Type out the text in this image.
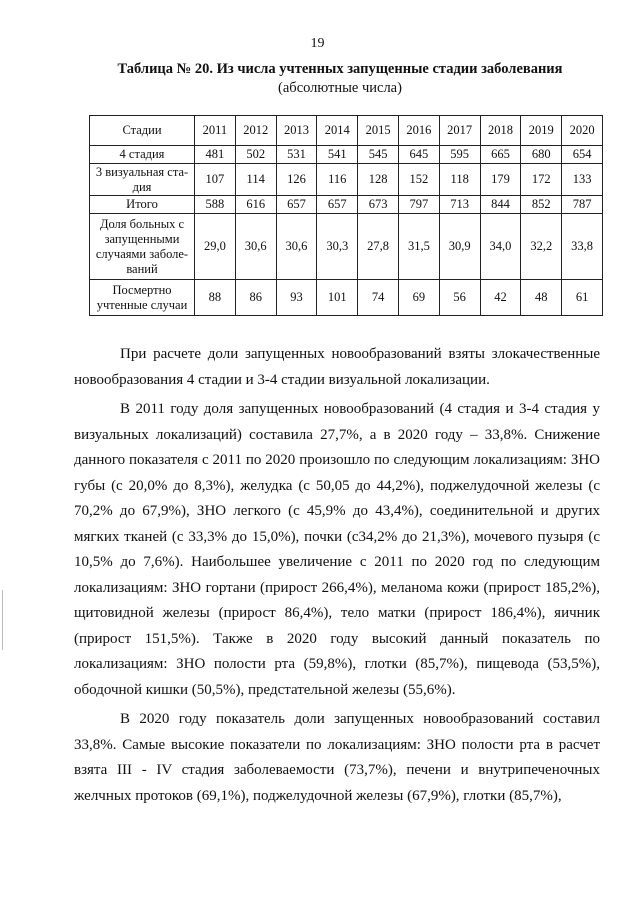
19
Таблица № 20. Из числа учтенных запущенные стадии заболевания
(абсолютные числа)
Стадии	2011	2012	2013	2014	2015	2016	2017	2018	2019	2020
4 стадия	481	502	531	541	545	645	595	665	680	654
3 визуальная ста-дия	107	114	126	116	128	152	118	179	172	133
Итого	588	616	657	657	673	797	713	844	852	787
Доля больных с запущенными случаями заболе-ваний	29,0	30,6	30,6	30,3	27,8	31,5	30,9	34,0	32,2	33,8
Посмертно учтенные случаи	88	86	93	101	74	69	56	42	48	61

При расчете доли запущенных новообразований взяты злокачественные новообразования 4 стадии и 3-4 стадии визуальной локализации.

В 2011 году доля запущенных новообразований (4 стадия и 3-4 стадия у визуальных локализаций) составила 27,7%, а в 2020 году – 33,8%. Снижение данного показателя с 2011 по 2020 произошло по следующим локализациям: ЗНО губы (с 20,0% до 8,3%), желудка (с 50,05 до 44,2%), поджелудочной железы (с 70,2% до 67,9%), ЗНО легкого (с 45,9% до 43,4%), соединительной и других мягких тканей (с 33,3% до 15,0%), почки (с34,2% до 21,3%), мочевого пузыря (с 10,5% до 7,6%). Наибольшее увеличение с 2011 по 2020 год по следующим локализациям: ЗНО гортани (прирост 266,4%), меланома кожи (прирост 185,2%), щитовидной железы (прирост 86,4%), тело матки (прирост 186,4%), яичник (прирост 151,5%). Также в 2020 году высокий данный показатель по локализациям: ЗНО полости рта (59,8%), глотки (85,7%), пищевода (53,5%), ободочной кишки (50,5%), предстательной железы (55,6%).

В 2020 году показатель доли запущенных новообразований составил 33,8%. Самые высокие показатели по локализациям: ЗНО полости рта в расчет взята III - IV стадия заболеваемости (73,7%), печени и внутрипеченочных желчных протоков (69,1%), поджелудочной железы (67,9%), глотки (85,7%),
